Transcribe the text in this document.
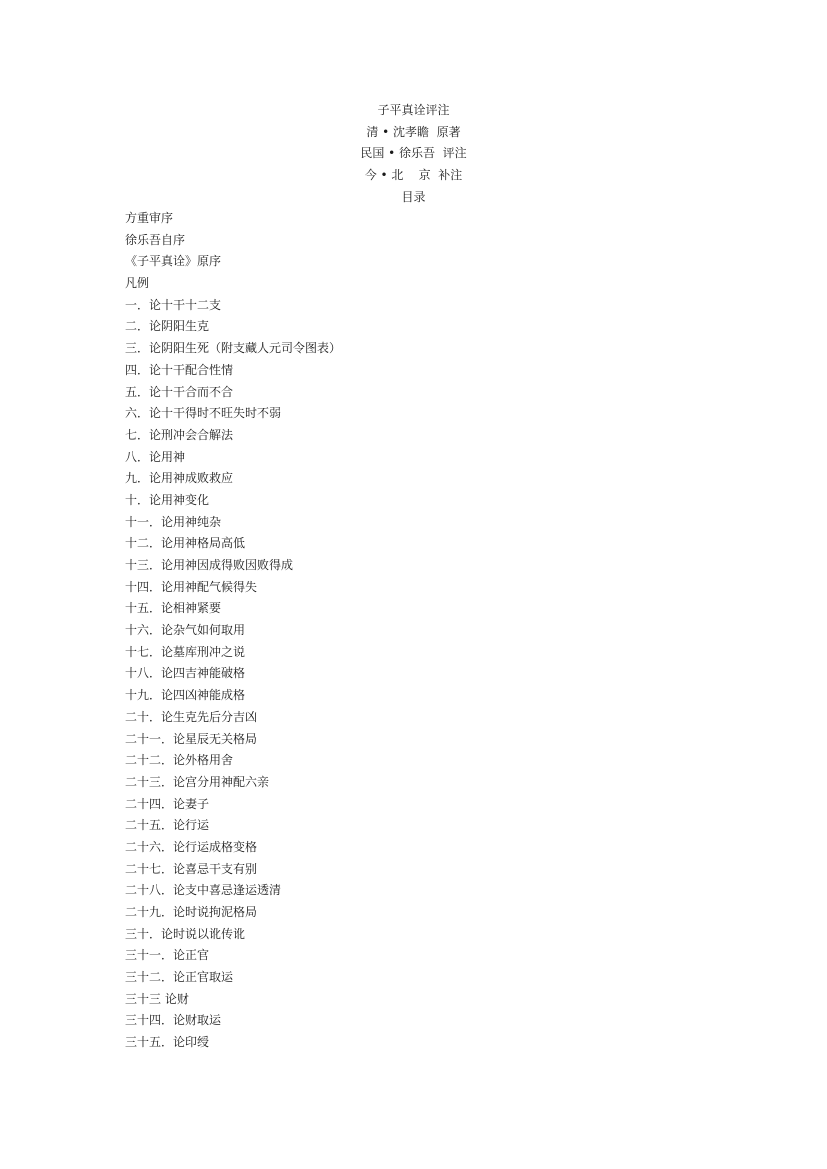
子平真诠评注
清 • 沈孝瞻  原著
民国 • 徐乐吾  评注
今 • 北    京  补注
目录
方重审序
徐乐吾自序
《子平真诠》原序
凡例
一．论十干十二支
二．论阴阳生克
三．论阴阳生死（附支藏人元司令图表）
四．论十干配合性情
五．论十干合而不合
六．论十干得时不旺失时不弱
七．论刑冲会合解法
八．论用神
九．论用神成败救应
十．论用神变化
十一．论用神纯杂
十二．论用神格局高低
十三．论用神因成得败因败得成
十四．论用神配气候得失
十五．论相神紧要
十六．论杂气如何取用
十七．论墓库刑冲之说
十八．论四吉神能破格
十九．论四凶神能成格
二十．论生克先后分吉凶
二十一．论星辰无关格局
二十二．论外格用舍
二十三．论宫分用神配六亲
二十四．论妻子
二十五．论行运
二十六．论行运成格变格
二十七．论喜忌干支有别
二十八．论支中喜忌逢运透清
二十九．论时说拘泥格局
三十．论时说以讹传讹
三十一．论正官
三十二．论正官取运
三十三 论财
三十四．论财取运
三十五．论印绶
